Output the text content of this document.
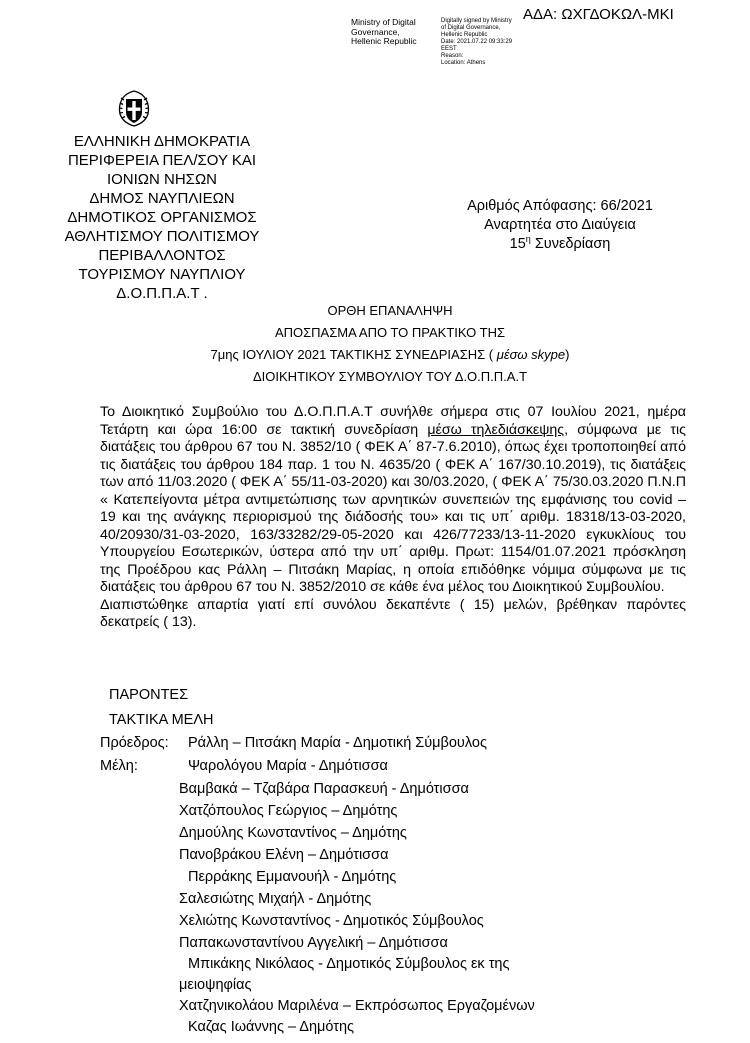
ΑΔΑ: ΩΧΓΔΟΚΩΛ-ΜΚΙ
Ministry of Digital
Governance,
Hellenic Republic
Digitally signed by Ministry
of Digital Governance,
Hellenic Republic
Date: 2021.07.22 09:33:29
EEST
Reason:
Location: Athens
ΕΛΛΗΝΙΚΗ ΔΗΜΟΚΡΑΤΙΑ
ΠΕΡΙΦΕΡΕΙΑ ΠΕΛ/ΣΟΥ ΚΑΙ
ΙΟΝΙΩΝ ΝΗΣΩΝ
ΔΗΜΟΣ ΝΑΥΠΛΙΕΩΝ
ΔΗΜΟΤΙΚΟΣ ΟΡΓΑΝΙΣΜΟΣ
ΑΘΛΗΤΙΣΜΟΥ ΠΟΛΙΤΙΣΜΟΥ
ΠΕΡΙΒΑΛΛΟΝΤΟΣ
ΤΟΥΡΙΣΜΟΥ ΝΑΥΠΛΙΟΥ
Δ.Ο.Π.Π.Α.Τ .
Αριθμός Απόφασης: 66/2021
Αναρτητέα στο Διαύγεια
$15^\eta$ Συνεδρίαση
ΟΡΘΗ ΕΠΑΝΑΛΗΨΗ
ΑΠΟΣΠΑΣΜΑ ΑΠΟ ΤΟ ΠΡΑΚΤΙΚΟ ΤΗΣ
7μης ΙΟΥΛΙΟΥ 2021 ΤΑΚΤΙΚΗΣ ΣΥΝΕΔΡΙΑΣΗΣ ( μέσω skype)
ΔΙΟΙΚΗΤΙΚΟΥ ΣΥΜΒΟΥΛΙΟΥ ΤΟΥ Δ.Ο.Π.Π.Α.Τ
Το Διοικητικό Συμβούλιο του Δ.Ο.Π.Π.Α.Τ συνήλθε σήμερα στις 07 Ιουλίου 2021, ημέρα Τετάρτη και ώρα 16:00 σε τακτική συνεδρίαση μέσω τηλεδιάσκεψης, σύμφωνα με τις διατάξεις του άρθρου 67 του Ν. 3852/10 ( ΦΕΚ Α΄ 87-7.6.2010), όπως έχει τροποποιηθεί από τις διατάξεις του άρθρου 184 παρ. 1 του Ν. 4635/20 ( ΦΕΚ Α΄ 167/30.10.2019), τις διατάξεις των από 11/03.2020 ( ΦΕΚ Α΄ 55/11-03-2020) και 30/03.2020, ( ΦΕΚ Α΄ 75/30.03.2020 Π.Ν.Π « Κατεπείγοντα μέτρα αντιμετώπισης των αρνητικών συνεπειών της εμφάνισης του covid – 19 και της ανάγκης περιορισμού της διάδοσής του» και τις υπ΄ αριθμ. 18318/13-03-2020, 40/20930/31-03-2020, 163/33282/29-05-2020 και 426/77233/13-11-2020 εγκυκλίους του Υπουργείου Εσωτερικών, ύστερα από την υπ΄ αριθμ. Πρωτ: 1154/01.07.2021 πρόσκληση της Προέδρου κας Ράλλη – Πιτσάκη Μαρίας, η οποία επιδόθηκε νόμιμα σύμφωνα με τις διατάξεις του άρθρου 67 του Ν. 3852/2010 σε κάθε ένα μέλος του Διοικητικού Συμβουλίου.
Διαπιστώθηκε απαρτία γιατί επί συνόλου δεκαπέντε ( 15) μελών, βρέθηκαν παρόντες δεκατρείς ( 13).
ΠΑΡΟΝΤΕΣ
ΤΑΚΤΙΚΑ ΜΕΛΗ
Πρόεδρος: Ράλλη – Πιτσάκη Μαρία - Δημοτική Σύμβουλος
Μέλη:	Ψαρολόγου Μαρία - Δημότισσα
Βαμβακά – Τζαβάρα Παρασκευή - Δημότισσα
Χατζόπουλος Γεώργιος – Δημότης
Δημούλης Κωνσταντίνος – Δημότης
Πανοβράκου Ελένη – Δημότισσα
Περράκης Εμμανουήλ - Δημότης
Σαλεσιώτης Μιχαήλ - Δημότης
Χελιώτης Κωνσταντίνος - Δημοτικός Σύμβουλος
Παπακωνσταντίνου Αγγελική – Δημότισσα
Μπικάκης Νικόλαος - Δημοτικός Σύμβουλος εκ της
μειοψηφίας
Χατζηνικολάου Μαριλένα – Εκπρόσωπος Εργαζομένων
Καζας Ιωάννης – Δημότης
